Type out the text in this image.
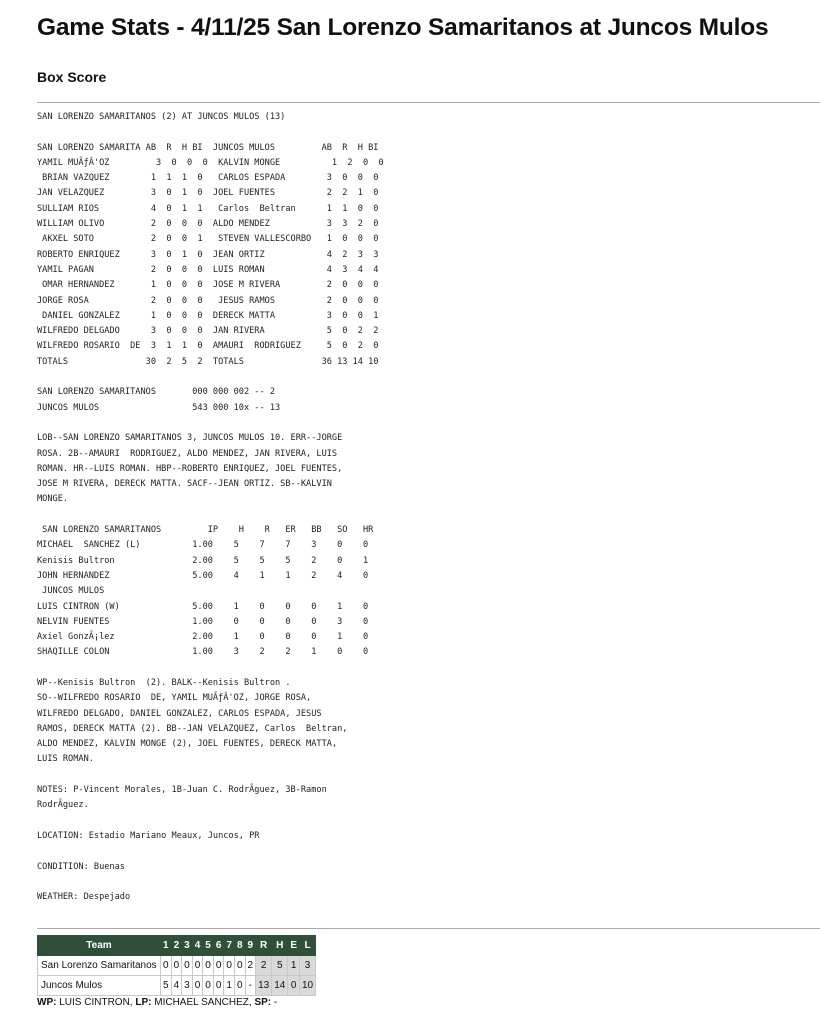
Game Stats - 4/11/25 San Lorenzo Samaritanos at Juncos Mulos
Box Score
SAN LORENZO SAMARITANOS (2) AT JUNCOS MULOS (13)

SAN LORENZO SAMARITA AB  R  H BI  JUNCOS MULOS         AB  R  H BI
YAMIL MUÃƒÂ'OZ         3  0  0  0  KALVIN MONGE          1  2  0  0
BRIAN VAZQUEZ        1  1  1  0   CARLOS ESPADA        3  0  0  0
JAN VELAZQUEZ         3  0  1  0  JOEL FUENTES          2  2  1  0
SULLIAM RIOS          4  0  1  1   Carlos  Beltran      1  1  0  0
WILLIAM OLIVO         2  0  0  0  ALDO MENDEZ           3  3  2  0
AKXEL SOTO           2  0  0  1   STEVEN VALLESCORBO   1  0  0  0
ROBERTO ENRIQUEZ      3  0  1  0  JEAN ORTIZ            4  2  3  3
YAMIL PAGAN           2  0  0  0  LUIS ROMAN            4  3  4  4
OMAR HERNANDEZ       1  0  0  0  JOSE M RIVERA         2  0  0  0
JORGE ROSA            2  0  0  0   JESUS RAMOS          2  0  0  0
DANIEL GONZALEZ      1  0  0  0  DERECK MATTA          3  0  0  1
WILFREDO DELGADO      3  0  0  0  JAN RIVERA            5  0  2  2
WILFREDO ROSARIO  DE  3  1  1  0  AMAURI  RODRIGUEZ     5  0  2  0
TOTALS               30  2  5  2  TOTALS               36 13 14 10

SAN LORENZO SAMARITANOS       000 000 002 -- 2
JUNCOS MULOS                  543 000 10x -- 13

LOB--SAN LORENZO SAMARITANOS 3, JUNCOS MULOS 10. ERR--JORGE
ROSA. 2B--AMAURI  RODRIGUEZ, ALDO MENDEZ, JAN RIVERA, LUIS
ROMAN. HR--LUIS ROMAN. HBP--ROBERTO ENRIQUEZ, JOEL FUENTES,
JOSE M RIVERA, DERECK MATTA. SACF--JEAN ORTIZ. SB--KALVIN
MONGE.

SAN LORENZO SAMARITANOS         IP    H    R   ER   BB   SO   HR
MICHAEL  SANCHEZ (L)          1.00    5    7    7    3    0    0
Kenisis Bultron               2.00    5    5    5    2    0    1
JOHN HERNANDEZ                5.00    4    1    1    2    4    0
JUNCOS MULOS
LUIS CINTRON (W)              5.00    1    0    0    0    1    0
NELVIN FUENTES                1.00    0    0    0    0    3    0
Axiel GonzÃ¡lez               2.00    1    0    0    0    1    0
SHAQILLE COLON                1.00    3    2    2    1    0    0

WP--Kenisis Bultron  (2). BALK--Kenisis Bultron .
SO--WILFREDO ROSARIO  DE, YAMIL MUÃƒÂ'OZ, JORGE ROSA,
WILFREDO DELGADO, DANIEL GONZALEZ, CARLOS ESPADA, JESUS
RAMOS, DERECK MATTA (2). BB--JAN VELAZQUEZ, Carlos  Beltran,
ALDO MENDEZ, KALVIN MONGE (2), JOEL FUENTES, DERECK MATTA,
LUIS ROMAN.

NOTES: P-Vincent Morales, 1B-Juan C. RodrÃguez, 3B-Ramon
RodrÃguez.

LOCATION: Estadio Mariano Meaux, Juncos, PR

CONDITION: Buenas

WEATHER: Despejado
Team	1	2	3	4	5	6	7	8	9	R	H	E	L
San Lorenzo Samaritanos	0	0	0	0	0	0	0	0	2	2	5	1	3
Juncos Mulos	5	4	3	0	0	0	1	0	-	13	14	0	10
WP: LUIS CINTRON, LP: MICHAEL SANCHEZ, SP: -
